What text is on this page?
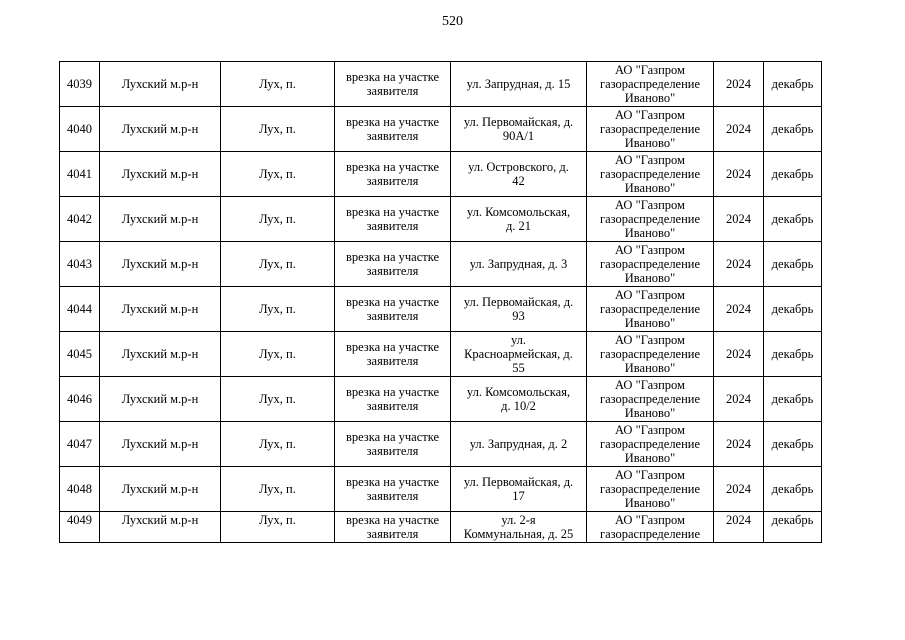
520
4039	Лухский м.р-н	Лух, п.	врезка на участке
заявителя	ул. Запрудная, д. 15	АО "Газпром
газораспределение
Иваново"	2024	декабрь
4040	Лухский м.р-н	Лух, п.	врезка на участке
заявителя	ул. Первомайская, д.
90А/1	АО "Газпром
газораспределение
Иваново"	2024	декабрь
4041	Лухский м.р-н	Лух, п.	врезка на участке
заявителя	ул. Островского, д.
42	АО "Газпром
газораспределение
Иваново"	2024	декабрь
4042	Лухский м.р-н	Лух, п.	врезка на участке
заявителя	ул. Комсомольская,
д. 21	АО "Газпром
газораспределение
Иваново"	2024	декабрь
4043	Лухский м.р-н	Лух, п.	врезка на участке
заявителя	ул. Запрудная, д. 3	АО "Газпром
газораспределение
Иваново"	2024	декабрь
4044	Лухский м.р-н	Лух, п.	врезка на участке
заявителя	ул. Первомайская, д.
93	АО "Газпром
газораспределение
Иваново"	2024	декабрь
4045	Лухский м.р-н	Лух, п.	врезка на участке
заявителя	ул.
Красноармейская, д.
55	АО "Газпром
газораспределение
Иваново"	2024	декабрь
4046	Лухский м.р-н	Лух, п.	врезка на участке
заявителя	ул. Комсомольская,
д. 10/2	АО "Газпром
газораспределение
Иваново"	2024	декабрь
4047	Лухский м.р-н	Лух, п.	врезка на участке
заявителя	ул. Запрудная, д. 2	АО "Газпром
газораспределение
Иваново"	2024	декабрь
4048	Лухский м.р-н	Лух, п.	врезка на участке
заявителя	ул. Первомайская, д.
17	АО "Газпром
газораспределение
Иваново"	2024	декабрь
4049	Лухский м.р-н	Лух, п.	врезка на участке
заявителя	ул. 2-я
Коммунальная, д. 25	АО "Газпром
газораспределение	2024	декабрь
